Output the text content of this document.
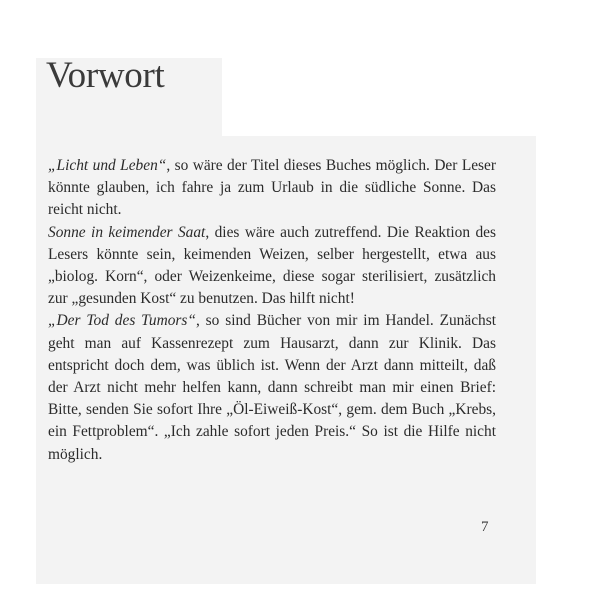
Vorwort
„Licht und Leben“, so wäre der Titel dieses Buches möglich. Der Leser könnte glauben, ich fahre ja zum Urlaub in die südliche Sonne. Das reicht nicht.
Sonne in keimender Saat, dies wäre auch zutreffend. Die Reaktion des Lesers könnte sein, keimenden Weizen, selber hergestellt, etwa aus „biolog. Korn“, oder Weizenkeime, diese sogar sterilisiert, zusätzlich zur „gesunden Kost“ zu benutzen. Das hilft nicht!
„Der Tod des Tumors“, so sind Bücher von mir im Handel. Zunächst geht man auf Kassenrezept zum Hausarzt, dann zur Klinik. Das entspricht doch dem, was üblich ist. Wenn der Arzt dann mitteilt, daß der Arzt nicht mehr helfen kann, dann schreibt man mir einen Brief: Bitte, senden Sie sofort Ihre „Öl-Eiweiß-Kost“, gem. dem Buch „Krebs, ein Fettproblem“. „Ich zahle sofort jeden Preis.“ So ist die Hilfe nicht möglich.
7
